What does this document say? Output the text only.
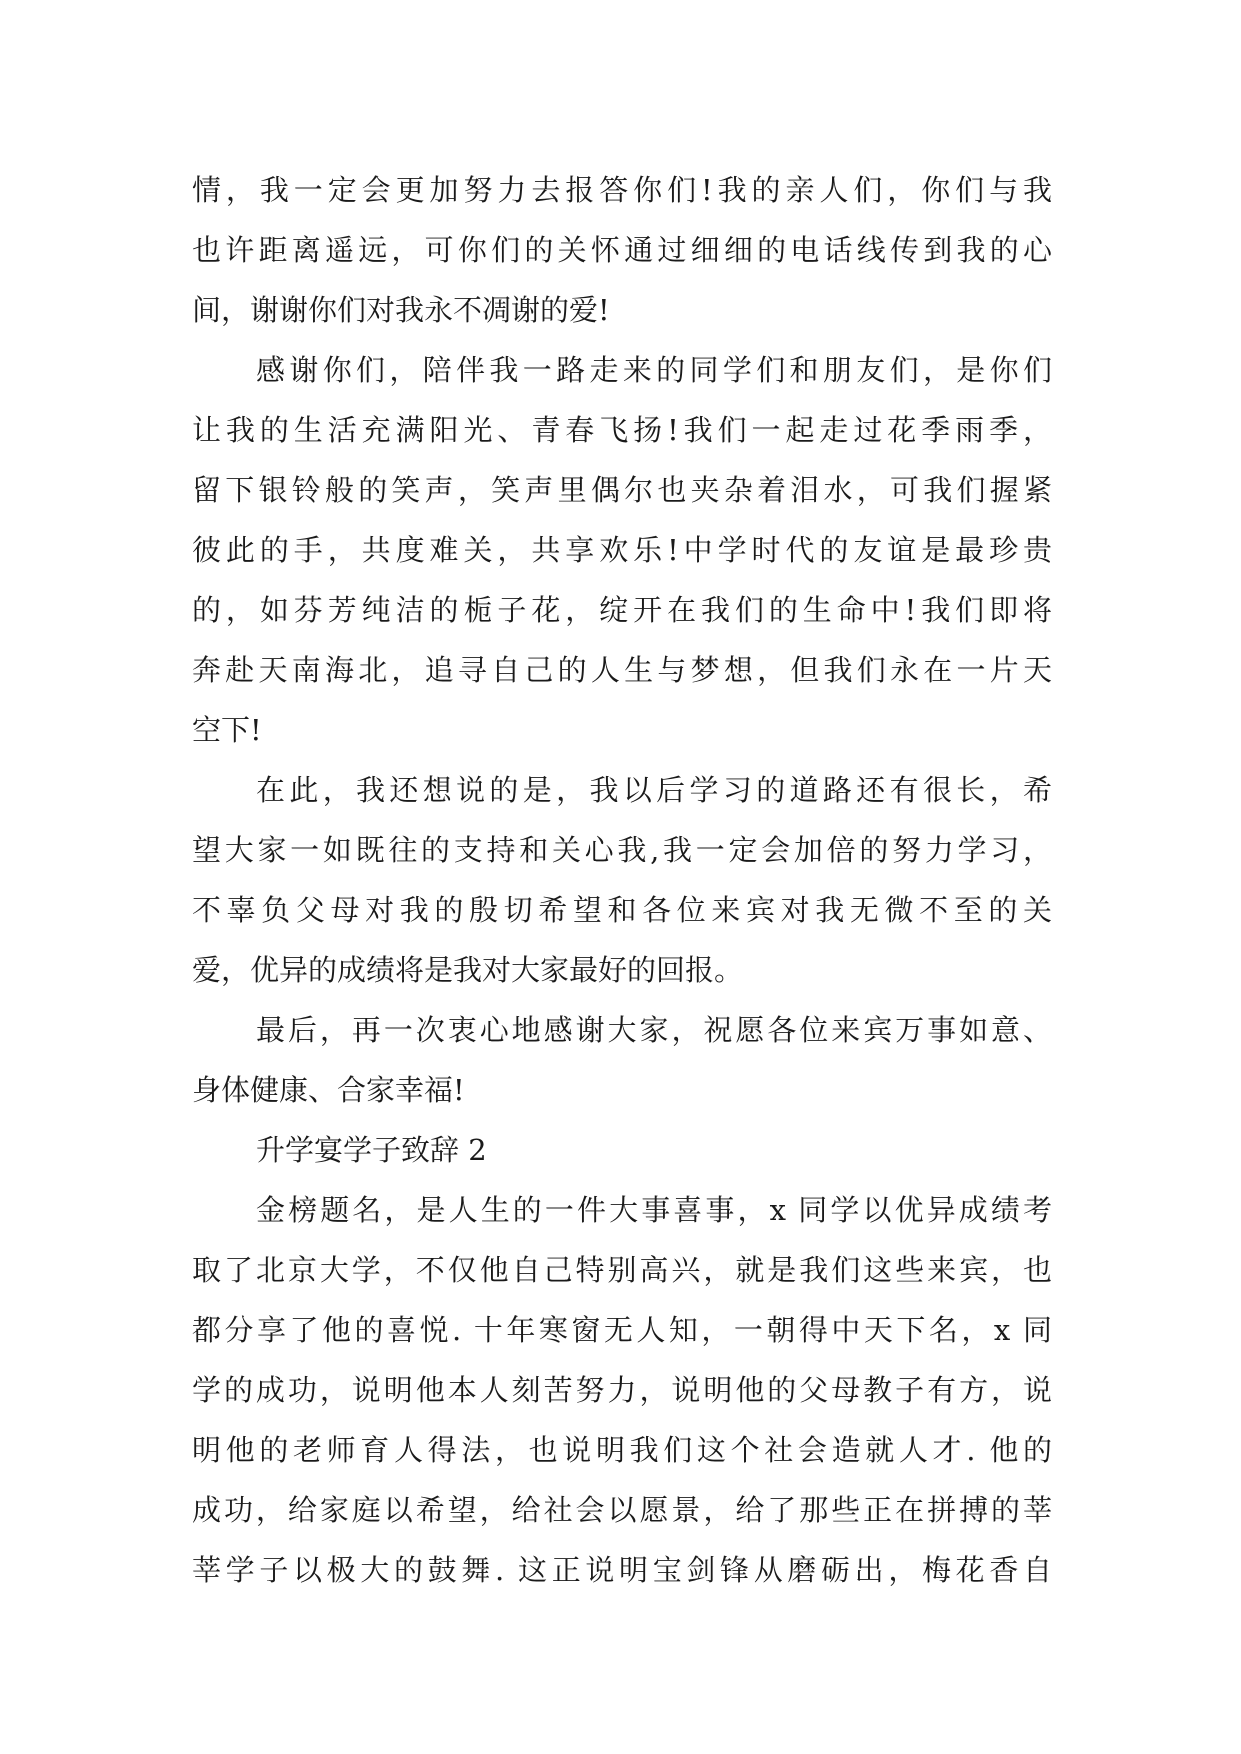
情，我一定会更加努力去报答你们!我的亲人们，你们与我
也许距离遥远，可你们的关怀通过细细的电话线传到我的心
间，谢谢你们对我永不凋谢的爱!
感谢你们，陪伴我一路走来的同学们和朋友们，是你们
让我的生活充满阳光、青春飞扬!我们一起走过花季雨季，
留下银铃般的笑声，笑声里偶尔也夹杂着泪水，可我们握紧
彼此的手，共度难关，共享欢乐!中学时代的友谊是最珍贵
的，如芬芳纯洁的栀子花，绽开在我们的生命中!我们即将
奔赴天南海北，追寻自己的人生与梦想，但我们永在一片天
空下!
在此，我还想说的是，我以后学习的道路还有很长，希
望大家一如既往的支持和关心我,我一定会加倍的努力学习，
不辜负父母对我的殷切希望和各位来宾对我无微不至的关
爱，优异的成绩将是我对大家最好的回报。
最后，再一次衷心地感谢大家，祝愿各位来宾万事如意、
身体健康、合家幸福!
升学宴学子致辞 2
金榜题名，是人生的一件大事喜事，x 同学以优异成绩考
取了北京大学，不仅他自己特别高兴，就是我们这些来宾，也
都分享了他的喜悦. 十年寒窗无人知，一朝得中天下名，x 同
学的成功，说明他本人刻苦努力，说明他的父母教子有方，说
明他的老师育人得法，也说明我们这个社会造就人才. 他的
成功，给家庭以希望，给社会以愿景，给了那些正在拼搏的莘
莘学子以极大的鼓舞. 这正说明宝剑锋从磨砺出，梅花香自
